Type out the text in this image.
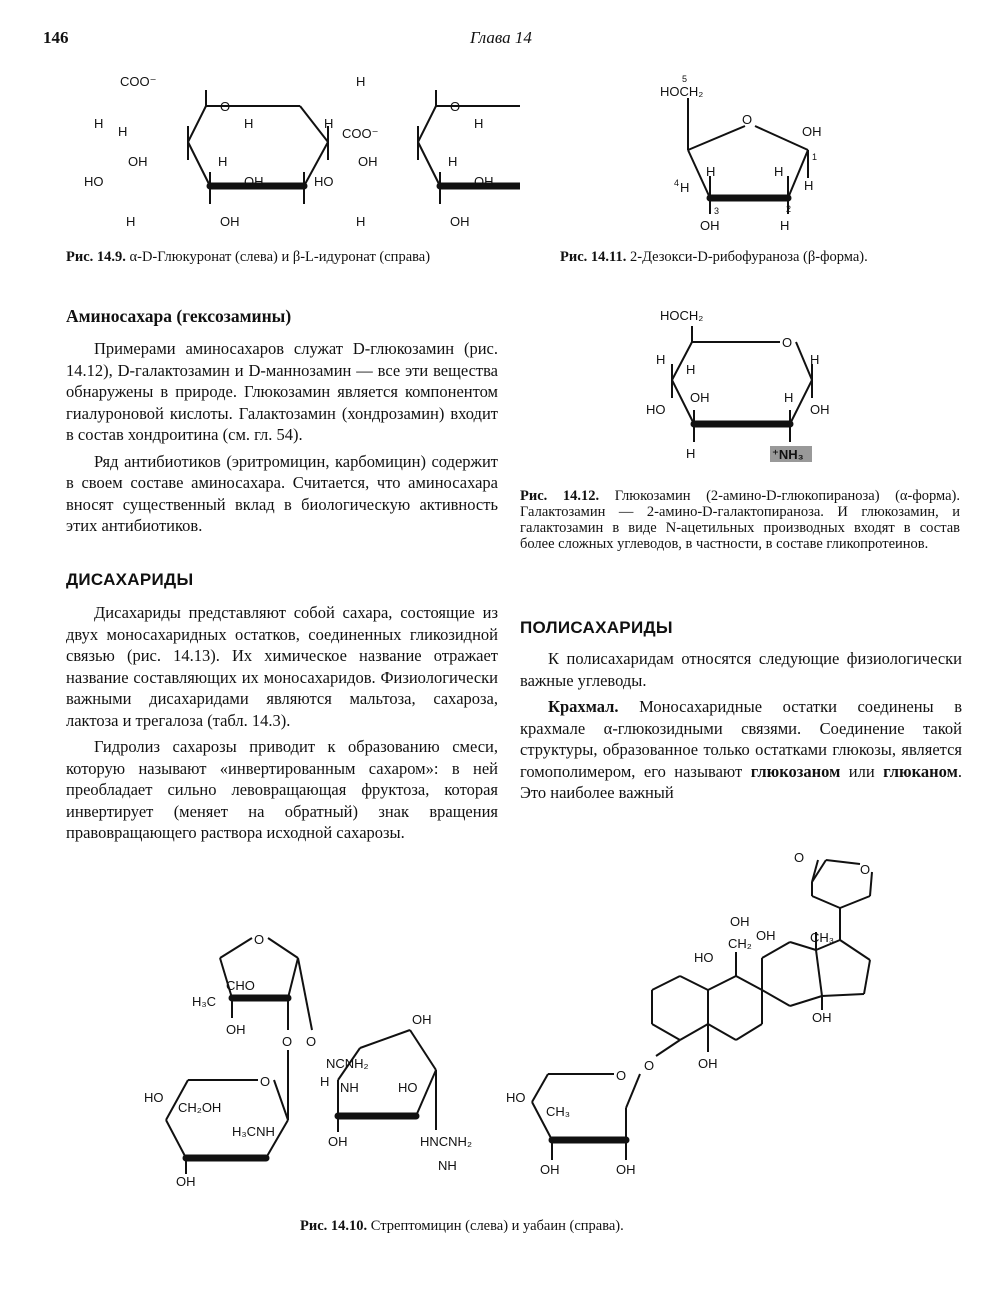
146	Глава 14
COO⁻
O
H	H
OH
HO
H
H
OH
H
OH
H
O
H
COO⁻
OH
HO
H
H
OH
H
OH
Рис. 14.9. α-D-Глюкуронат (слева) и β-L-идуронат (справа)
HOCH₂
5
O
OH
1
H
H
4
H	H
3	2
OH	H
Рис. 14.11. 2-Дезокси-D-рибофураноза (β-форма).
HOCH₂
O
H
H
OH
H
HO
H
OH
H	⁺NH₃
Рис. 14.12. Глюкозамин (2-амино-D-глюкопираноза) (α-форма). Галактозамин — 2-амино-D-галактопираноза. И глюкозамин, и галактозамин в виде N-ацетильных производных входят в состав более сложных углеводов, в частности, в составе гликопротеинов.
Аминосахара (гексозамины)

Примерами аминосахаров служат D-глюкозамин (рис. 14.12), D-галактозамин и D-маннозамин — все эти вещества обнаружены в природе. Глюкозамин является компонентом гиалуроновой кислоты. Галактозамин (хондрозамин) входит в состав хондроитина (см. гл. 54).

Ряд антибиотиков (эритромицин, карбомицин) содержит в своем составе аминосахара. Считается, что аминосахара вносят существенный вклад в биологическую активность этих антибиотиков.

ДИСАХАРИДЫ

Дисахариды представляют собой сахара, состоящие из двух моносахаридных остатков, соединенных гликозидной связью (рис. 14.13). Их химическое название отражает название составляющих их моносахаридов. Физиологически важными дисахаридами являются мальтоза, сахароза, лактоза и трегалоза (табл. 14.3).

Гидролиз сахарозы приводит к образованию смеси, которую называют «инвертированным сахаром»: в ней преобладает сильно левовращающая фруктоза, которая инвертирует (меняет на обратный) знак вращения правовращающего раствора исходной сахарозы.

ПОЛИСАХАРИДЫ

К полисахаридам относятся следующие физиологически важные углеводы.

Крахмал. Моносахаридные остатки соединены в крахмале α-глюкозидными связями. Соединение такой структуры, образованное только остатками глюкозы, является гомополимером, его называют глюкозаном или глюканом. Это наиболее важный

O
CHO
H₃C
OH
O O
O
HO
CH₂OH
H₃CNH
OH
OH
NCNH₂
H NH	HO
OH	HNCNH₂
NH
O
O
CH₃
OH
OH
CH₂
OH
HO
OH
O
O
HO
CH₃
OH	OH
Рис. 14.10. Стрептомицин (слева) и уабаин (справа).
